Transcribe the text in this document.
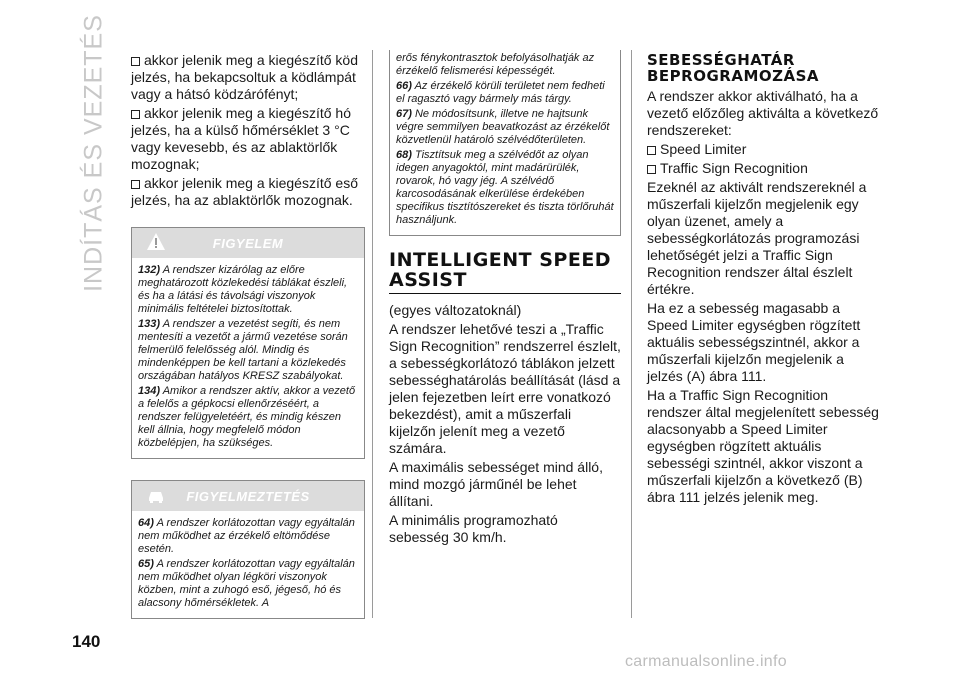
INDÍTÁS ÉS VEZETÉS	akkor jelenik meg a kiegészítő köd jelzés, ha bekapcsoltuk a ködlámpát vagy a hátsó ködzárófényt;

akkor jelenik meg a kiegészítő hó jelzés, ha a külső hőmérséklet 3 °C vagy kevesebb, és az ablaktörlők mozognak;

akkor jelenik meg a kiegészítő eső jelzés, ha az ablaktörlők mozognak.

FIGYELEM

132) A rendszer kizárólag az előre meghatározott közlekedési táblákat észleli, és ha a látási és távolsági viszonyok minimális feltételei biztosítottak.

133) A rendszer a vezetést segíti, és nem mentesíti a vezetőt a jármű vezetése során felmerülő felelősség alól. Mindig és mindenképpen be kell tartani a közlekedés országában hatályos KRESZ szabályokat.

134) Amikor a rendszer aktív, akkor a vezető a felelős a gépkocsi ellenőrzéséért, a rendszer felügyeletéért, és mindig készen kell állnia, hogy megfelelő módon közbelépjen, ha szükséges.

FIGYELMEZTETÉS

64) A rendszer korlátozottan vagy egyáltalán nem működhet az érzékelő eltömődése esetén.

65) A rendszer korlátozottan vagy egyáltalán nem működhet olyan légköri viszonyok közben, mint a zuhogó eső, jégeső, hó és alacsony hőmérsékletek. A

erős fénykontrasztok befolyásolhatják az érzékelő felismerési képességét.

66) Az érzékelő körüli területet nem fedheti el ragasztó vagy bármely más tárgy.

67) Ne módosítsunk, illetve ne hajtsunk végre semmilyen beavatkozást az érzékelőt közvetlenül határoló szélvédőterületen.

68) Tisztítsuk meg a szélvédőt az olyan idegen anyagoktól, mint madárürülék, rovarok, hó vagy jég. A szélvédő karcosodásának elkerülése érdekében specifikus tisztítószereket és tiszta törlőruhát használjunk.

INTELLIGENT SPEED
ASSIST

(egyes változatoknál)

A rendszer lehetővé teszi a „Traffic Sign Recognition” rendszerrel észlelt, a sebességkorlátozó táblákon jelzett sebességhatárolás beállítását (lásd a jelen fejezetben leírt erre vonatkozó bekezdést), amit a műszerfali kijelzőn jelenít meg a vezető számára.

A maximális sebességet mind álló, mind mozgó járműnél be lehet állítani.

A minimális programozható sebesség 30 km/h.

SEBESSÉGHATÁR
BEPROGRAMOZÁSA

A rendszer akkor aktiválható, ha a vezető előzőleg aktiválta a következő rendszereket:

Speed Limiter

Traffic Sign Recognition

Ezeknél az aktivált rendszereknél a műszerfali kijelzőn megjelenik egy olyan üzenet, amely a sebességkorlátozás programozási lehetőségét jelzi a Traffic Sign Recognition rendszer által észlelt értékre.

Ha ez a sebesség magasabb a Speed Limiter egységben rögzített aktuális sebességszintnél, akkor a műszerfali kijelzőn megjelenik a jelzés (A) ábra 111.

Ha a Traffic Sign Recognition rendszer által megjelenített sebesség alacsonyabb a Speed Limiter egységben rögzített aktuális sebességi szintnél, akkor viszont a műszerfali kijelzőn a következő (B) ábra 111 jelzés jelenik meg.

140
carmanualsonline.info
